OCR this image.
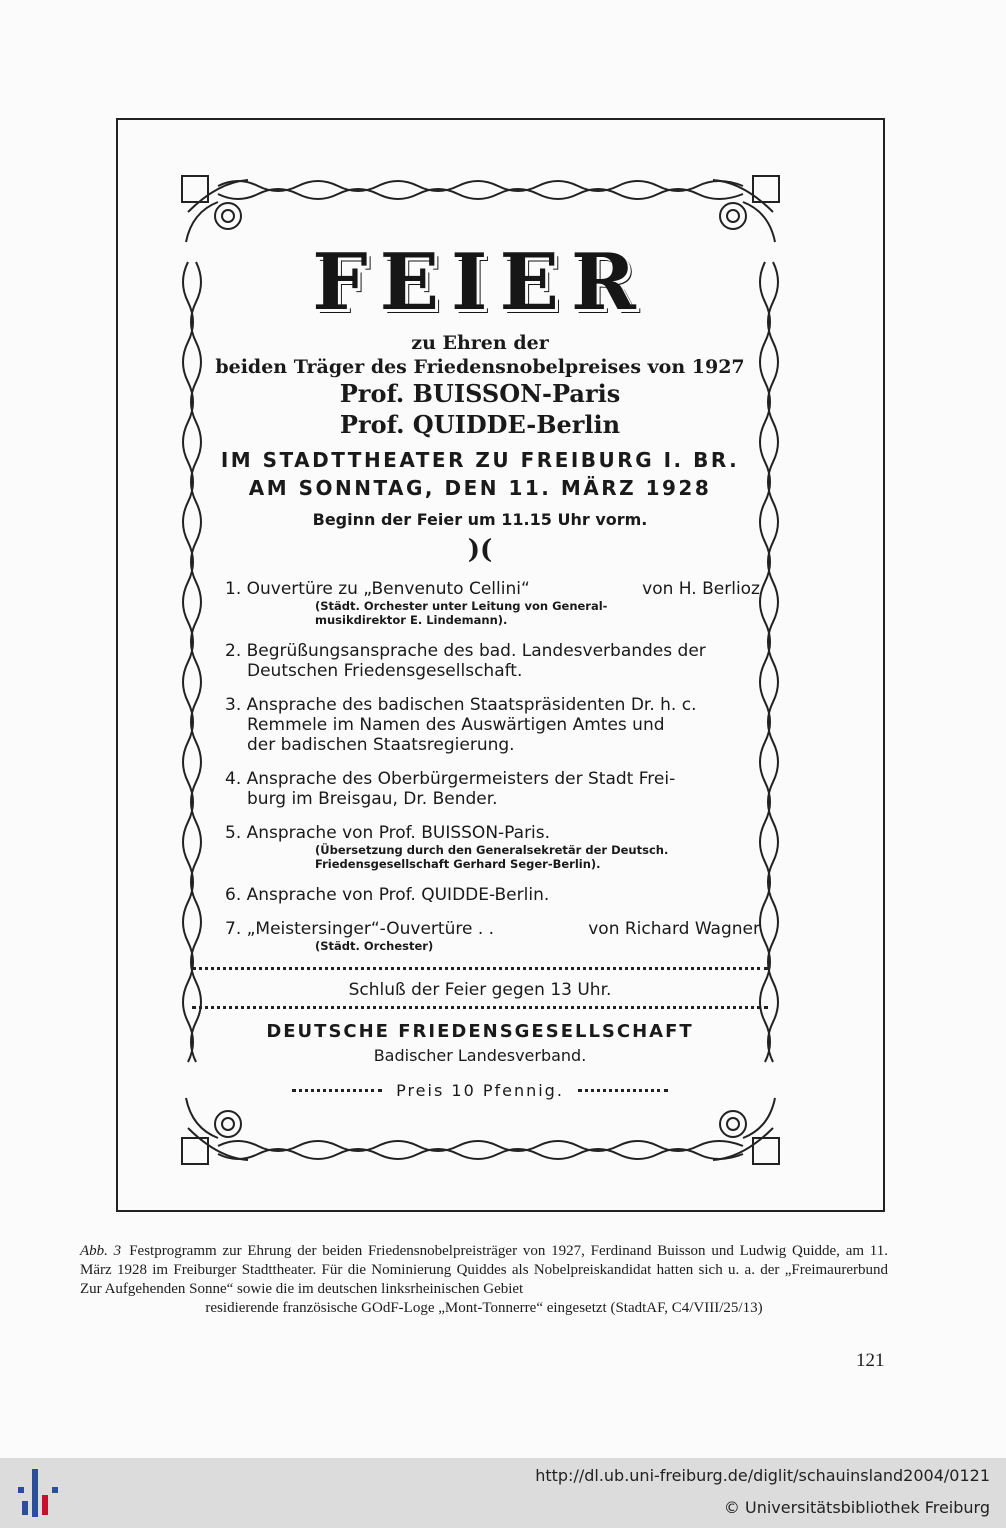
FEIER
zu Ehren der
beiden Träger des Friedensnobelpreises von 1927
Prof. BUISSON-Paris
Prof. QUIDDE-Berlin
IM STADTTHEATER ZU FREIBURG I. BR.
AM SONNTAG, DEN 11. MÄRZ 1928
Beginn der Feier um 11.15 Uhr vorm.
)(
1. Ouvertüre zu „Benvenuto Cellini“	von H. Berlioz
(Städt. Orchester unter Leitung von General-
musikdirektor E. Lindemann).
2. Begrüßungsansprache des bad. Landesverbandes der
Deutschen Friedensgesellschaft.
3. Ansprache des badischen Staatspräsidenten Dr. h. c.
Remmele im Namen des Auswärtigen Amtes und
der badischen Staatsregierung.
4. Ansprache des Oberbürgermeisters der Stadt Frei-
burg im Breisgau, Dr. Bender.
5. Ansprache von Prof. BUISSON-Paris.
(Übersetzung durch den Generalsekretär der Deutsch.
Friedensgesellschaft Gerhard Seger-Berlin).
6. Ansprache von Prof. QUIDDE-Berlin.
7. „Meistersinger“-Ouvertüre . .	von Richard Wagner
(Städt. Orchester)
Schluß der Feier gegen 13 Uhr.
DEUTSCHE FRIEDENSGESELLSCHAFT
Badischer Landesverband.
Preis 10 Pfennig.
Abb. 3 Festprogramm zur Ehrung der beiden Friedensnobelpreisträger von 1927, Ferdinand Buisson und Ludwig Quidde, am 11. März 1928 im Freiburger Stadttheater. Für die Nominierung Quiddes als Nobelpreiskandidat hatten sich u. a. der „Freimaurerbund Zur Aufgehenden Sonne“ sowie die im deutschen linksrheinischen Gebiet
residierende französische GOdF-Loge „Mont-Tonnerre“ eingesetzt (StadtAF, C4/VIII/25/13)
121
http://dl.ub.uni-freiburg.de/diglit/schauinsland2004/0121
© Universitätsbibliothek Freiburg
